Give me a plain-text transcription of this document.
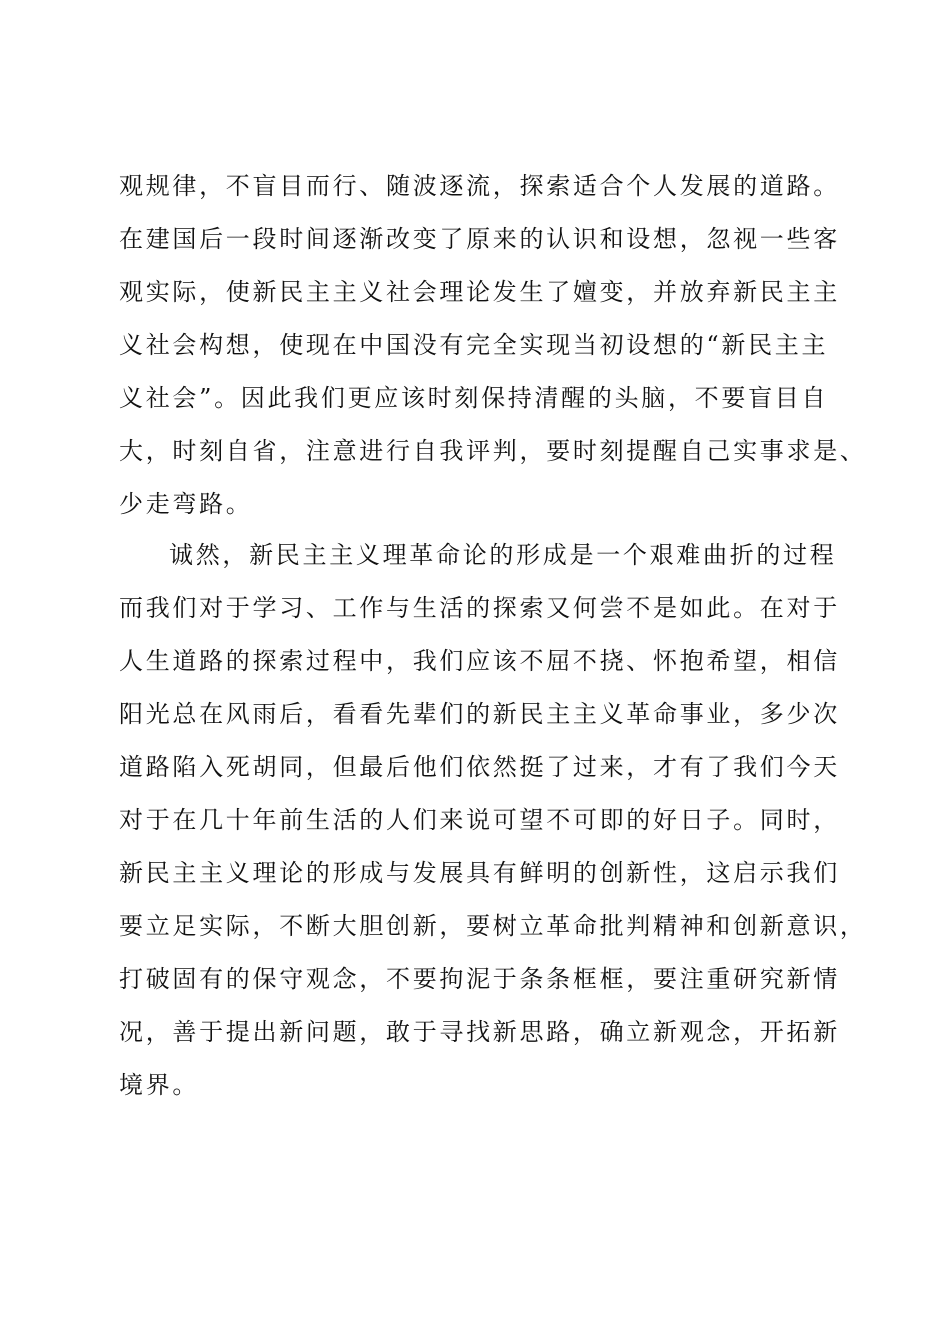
观规律，不盲目而行、随波逐流，探索适合个人发展的道路。
在建国后一段时间逐渐改变了原来的认识和设想，忽视一些客
观实际，使新民主主义社会理论发生了嬗变，并放弃新民主主
义社会构想，使现在中国没有完全实现当初设想的“新民主主
义社会”。因此我们更应该时刻保持清醒的头脑，不要盲目自
大，时刻自省，注意进行自我评判，要时刻提醒自己实事求是、
少走弯路。
诚然，新民主主义理革命论的形成是一个艰难曲折的过程
而我们对于学习、工作与生活的探索又何尝不是如此。在对于
人生道路的探索过程中，我们应该不屈不挠、怀抱希望，相信
阳光总在风雨后，看看先辈们的新民主主义革命事业，多少次
道路陷入死胡同，但最后他们依然挺了过来，才有了我们今天
对于在几十年前生活的人们来说可望不可即的好日子。同时，
新民主主义理论的形成与发展具有鲜明的创新性，这启示我们
要立足实际，不断大胆创新，要树立革命批判精神和创新意识，
打破固有的保守观念，不要拘泥于条条框框，要注重研究新情
况，善于提出新问题，敢于寻找新思路，确立新观念，开拓新
境界。
